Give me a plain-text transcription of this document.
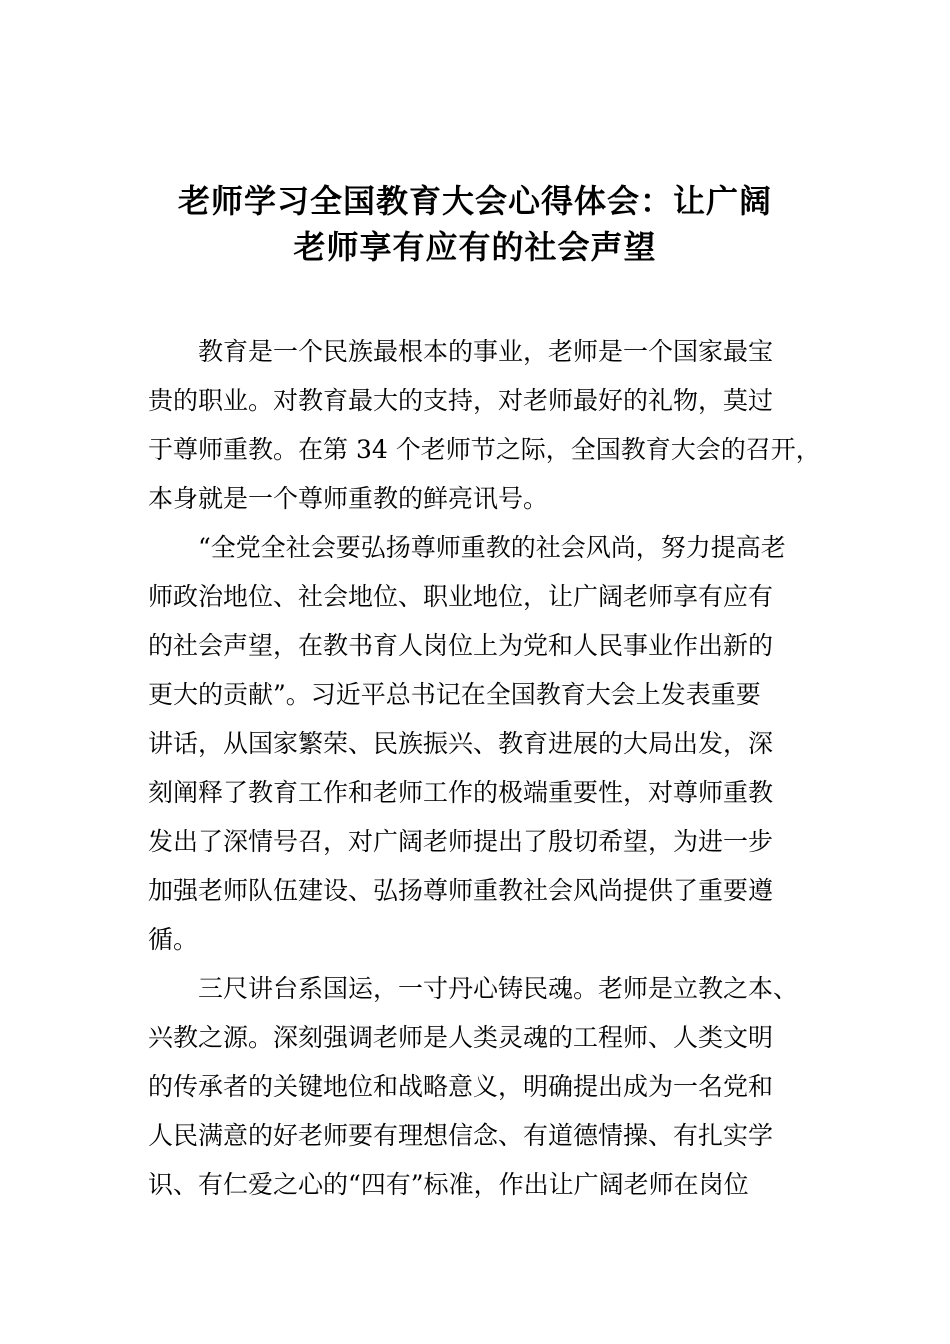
老师学习全国教育大会心得体会：让广阔
老师享有应有的社会声望

教育是一个民族最根本的事业，老师是一个国家最宝
贵的职业。对教育最大的支持，对老师最好的礼物，莫过
于尊师重教。在第 34 个老师节之际，全国教育大会的召开，
本身就是一个尊师重教的鲜亮讯号。

“全党全社会要弘扬尊师重教的社会风尚，努力提高老
师政治地位、社会地位、职业地位，让广阔老师享有应有
的社会声望，在教书育人岗位上为党和人民事业作出新的
更大的贡献”。习近平总书记在全国教育大会上发表重要
讲话，从国家繁荣、民族振兴、教育进展的大局出发，深
刻阐释了教育工作和老师工作的极端重要性，对尊师重教
发出了深情号召，对广阔老师提出了殷切希望，为进一步
加强老师队伍建设、弘扬尊师重教社会风尚提供了重要遵
循。

三尺讲台系国运，一寸丹心铸民魂。老师是立教之本、
兴教之源。深刻强调老师是人类灵魂的工程师、人类文明
的传承者的关键地位和战略意义，明确提出成为一名党和
人民满意的好老师要有理想信念、有道德情操、有扎实学
识、有仁爱之心的“四有”标准，作出让广阔老师在岗位
